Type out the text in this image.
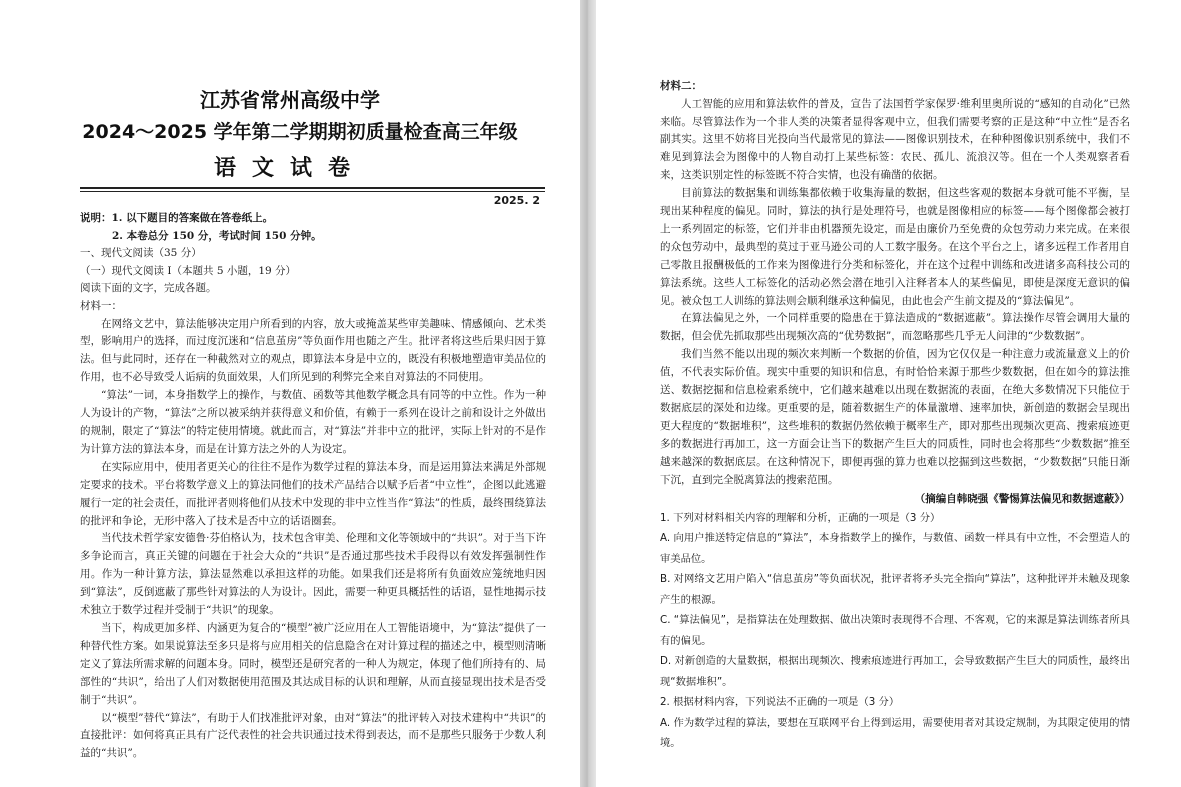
江苏省常州高级中学
2024～2025 学年第二学期期初质量检查高三年级
语文试卷
2025. 2
说明：1. 以下题目的答案做在答卷纸上。
2. 本卷总分 150 分，考试时间 150 分钟。
一、现代文阅读（35 分）
（一）现代文阅读 I（本题共 5 小题，19 分）
阅读下面的文字，完成各题。
材料一：

在网络文艺中，算法能够决定用户所看到的内容，放大或掩盖某些审美趣味、情感倾向、艺术类型，影响用户的选择，而过度沉迷和“信息茧房”等负面作用也随之产生。批评者将这些后果归因于算法。但与此同时，还存在一种截然对立的观点，即算法本身是中立的，既没有积极地塑造审美品位的作用，也不必导致受人诟病的负面效果，人们所见到的利弊完全来自对算法的不同使用。

“算法”一词，本身指数学上的操作，与数值、函数等其他数学概念具有同等的中立性。作为一种人为设计的产物，“算法”之所以被采纳并获得意义和价值，有赖于一系列在设计之前和设计之外做出的规制，限定了“算法”的特定使用情境。就此而言，对“算法”并非中立的批评，实际上针对的不是作为计算方法的算法本身，而是在计算方法之外的人为设定。

在实际应用中，使用者更关心的往往不是作为数学过程的算法本身，而是运用算法来满足外部规定要求的技术。平台将数学意义上的算法同他们的技术产品结合以赋予后者“中立性”，企图以此逃避履行一定的社会责任，而批评者则将他们从技术中发现的非中立性当作“算法”的性质，最终围绕算法的批评和争论，无形中落入了技术是否中立的话语圈套。

当代技术哲学家安德鲁·芬伯格认为，技术包含审美、伦理和文化等领域中的“共识”。对于当下许多争论而言，真正关键的问题在于社会大众的“共识”是否通过那些技术手段得以有效发挥强制性作用。作为一种计算方法，算法显然难以承担这样的功能。如果我们还是将所有负面效应笼统地归因到“算法”，反倒遮蔽了那些针对算法的人为设计。因此，需要一种更具概括性的话语，显性地揭示技术独立于数学过程并受制于“共识”的现象。

当下，构成更加多样、内涵更为复合的“模型”被广泛应用在人工智能语境中，为“算法”提供了一种替代性方案。如果说算法至多只是将与应用相关的信息隐含在对计算过程的描述之中，模型则清晰定义了算法所需求解的问题本身。同时，模型还是研究者的一种人为规定，体现了他们所持有的、局部性的“共识”，给出了人们对数据使用范围及其达成目标的认识和理解，从而直接显现出技术是否受制于“共识”。

以“模型”替代“算法”，有助于人们找准批评对象，由对“算法”的批评转入对技术建构中“共识”的直接批评：如何将真正具有广泛代表性的社会共识通过技术得到表达，而不是那些只服务于少数人利益的“共识”。

材料二：

人工智能的应用和算法软件的普及，宣告了法国哲学家保罗·维利里奥所说的“感知的自动化”已然来临。尽管算法作为一个非人类的决策者显得客观中立，但我们需要考察的正是这种“中立性”是否名副其实。这里不妨将目光投向当代最常见的算法——图像识别技术，在种种图像识别系统中，我们不难见到算法会为图像中的人物自动打上某些标签：农民、孤儿、流浪汉等。但在一个人类观察者看来，这类识别定性的标签既不符合实情，也没有确凿的依据。

目前算法的数据集和训练集都依赖于收集海量的数据，但这些客观的数据本身就可能不平衡，呈现出某种程度的偏见。同时，算法的执行是处理符号，也就是图像相应的标签——每个图像都会被打上一系列固定的标签，它们并非由机器预先设定，而是由廉价乃至免费的众包劳动力来完成。在来很的众包劳动中，最典型的莫过于亚马逊公司的人工数字服务。在这个平台之上，诸多远程工作者用自己零散且报酬极低的工作来为图像进行分类和标签化，并在这个过程中训练和改进诸多高科技公司的算法系统。这些人工标签化的活动必然会潜在地引入注释者本人的某些偏见，即使是深度无意识的偏见。被众包工人训练的算法则会顺利继承这种偏见，由此也会产生前文提及的“算法偏见”。

在算法偏见之外，一个同样重要的隐患在于算法造成的“数据遮蔽”。算法操作尽管会调用大量的数据，但会优先抓取那些出现频次高的“优势数据”，而忽略那些几乎无人问津的“少数数据”。

我们当然不能以出现的频次来判断一个数据的价值，因为它仅仅是一种注意力或流量意义上的价值，不代表实际价值。现实中重要的知识和信息，有时恰恰来源于那些少数数据，但在如今的算法推送、数据挖掘和信息检索系统中，它们越来越难以出现在数据流的表面，在绝大多数情况下只能位于数据底层的深处和边缘。更重要的是，随着数据生产的体量激增、速率加快，新创造的数据会呈现出更大程度的“数据堆积”，这些堆积的数据仍然依赖于概率生产，即对那些出现频次更高、搜索痕迹更多的数据进行再加工，这一方面会让当下的数据产生巨大的同质性，同时也会将那些“少数数据”推至越来越深的数据底层。在这种情况下，即便再强的算力也难以挖掘到这些数据，“少数数据”只能日渐下沉，直到完全脱离算法的搜索范围。

（摘编自韩晓强《警惕算法偏见和数据遮蔽》）

1. 下列对材料相关内容的理解和分析，正确的一项是（3 分）

A. 向用户推送特定信息的“算法”，本身指数学上的操作，与数值、函数一样具有中立性，不会塑造人的审美品位。

B. 对网络文艺用户陷入“信息茧房”等负面状况，批评者将矛头完全指向“算法”，这种批评并未触及现象产生的根源。

C. “算法偏见”，是指算法在处理数据、做出决策时表现得不合理、不客观，它的来源是算法训练者所具有的偏见。

D. 对新创造的大量数据，根据出现频次、搜索痕迹进行再加工，会导致数据产生巨大的同质性，最终出现“数据堆积”。

2. 根据材料内容，下列说法不正确的一项是（3 分）

A. 作为数学过程的算法，要想在互联网平台上得到运用，需要使用者对其设定规制，为其限定使用的情境。
